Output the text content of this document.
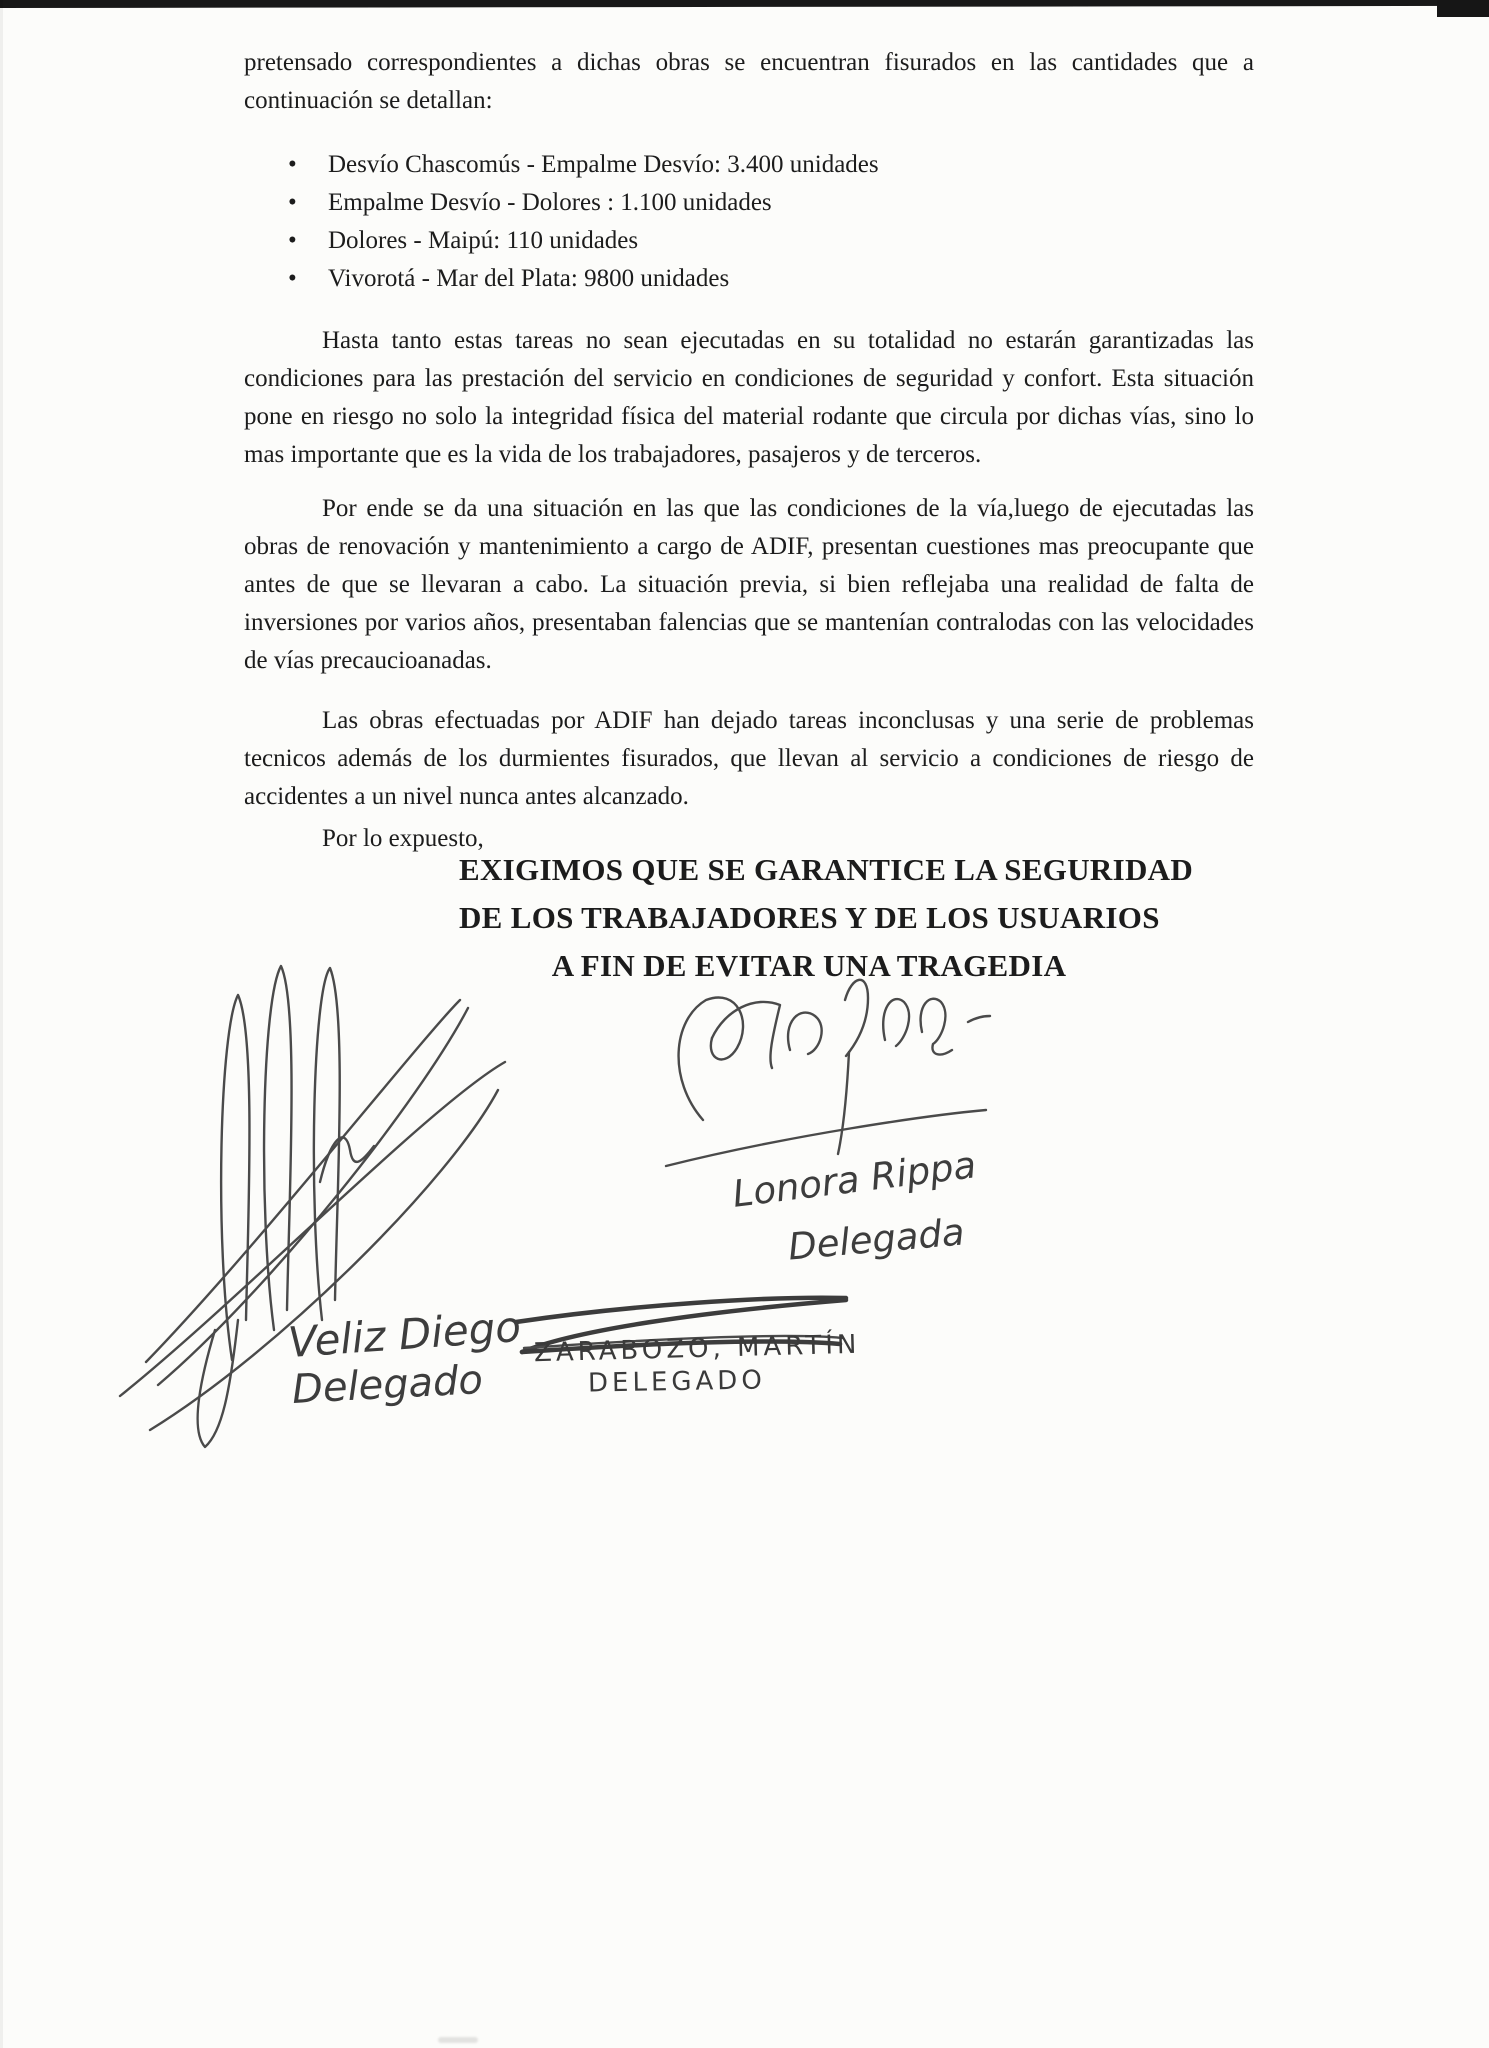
pretensado correspondientes a dichas obras se encuentran fisurados en las cantidades que a continuación se detallan:
• Desvío Chascomús - Empalme Desvío: 3.400 unidades
• Empalme Desvío - Dolores : 1.100 unidades
• Dolores - Maipú: 110 unidades
• Vivorotá - Mar del Plata: 9800 unidades
Hasta tanto estas tareas no sean ejecutadas en su totalidad no estarán garantizadas las condiciones para las prestación del servicio en condiciones de seguridad y confort. Esta situación pone en riesgo no solo la integridad física del material rodante que circula por dichas vías, sino lo mas importante que es la vida de los trabajadores, pasajeros y de terceros.
Por ende se da una situación en las que las condiciones de la vía,luego de ejecutadas las obras de renovación y mantenimiento a cargo de ADIF, presentan cuestiones mas preocupante que antes de que se llevaran a cabo. La situación previa, si bien reflejaba una realidad de falta de inversiones por varios años, presentaban falencias que se mantenían contralodas con las velocidades de vías precaucioanadas.
Las obras efectuadas por ADIF han dejado tareas inconclusas y una serie de problemas tecnicos además de los durmientes fisurados, que llevan al servicio a condiciones de riesgo de accidentes a un nivel nunca antes alcanzado.
Por lo expuesto,
EXIGIMOS QUE SE GARANTICE LA SEGURIDAD
DE LOS TRABAJADORES Y DE LOS USUARIOS
A FIN DE EVITAR UNA TRAGEDIA
Veliz Diego
Delegado
Lonora Rippa
Delegada
ZARABOZO, MARTÍN
DELEGADO
